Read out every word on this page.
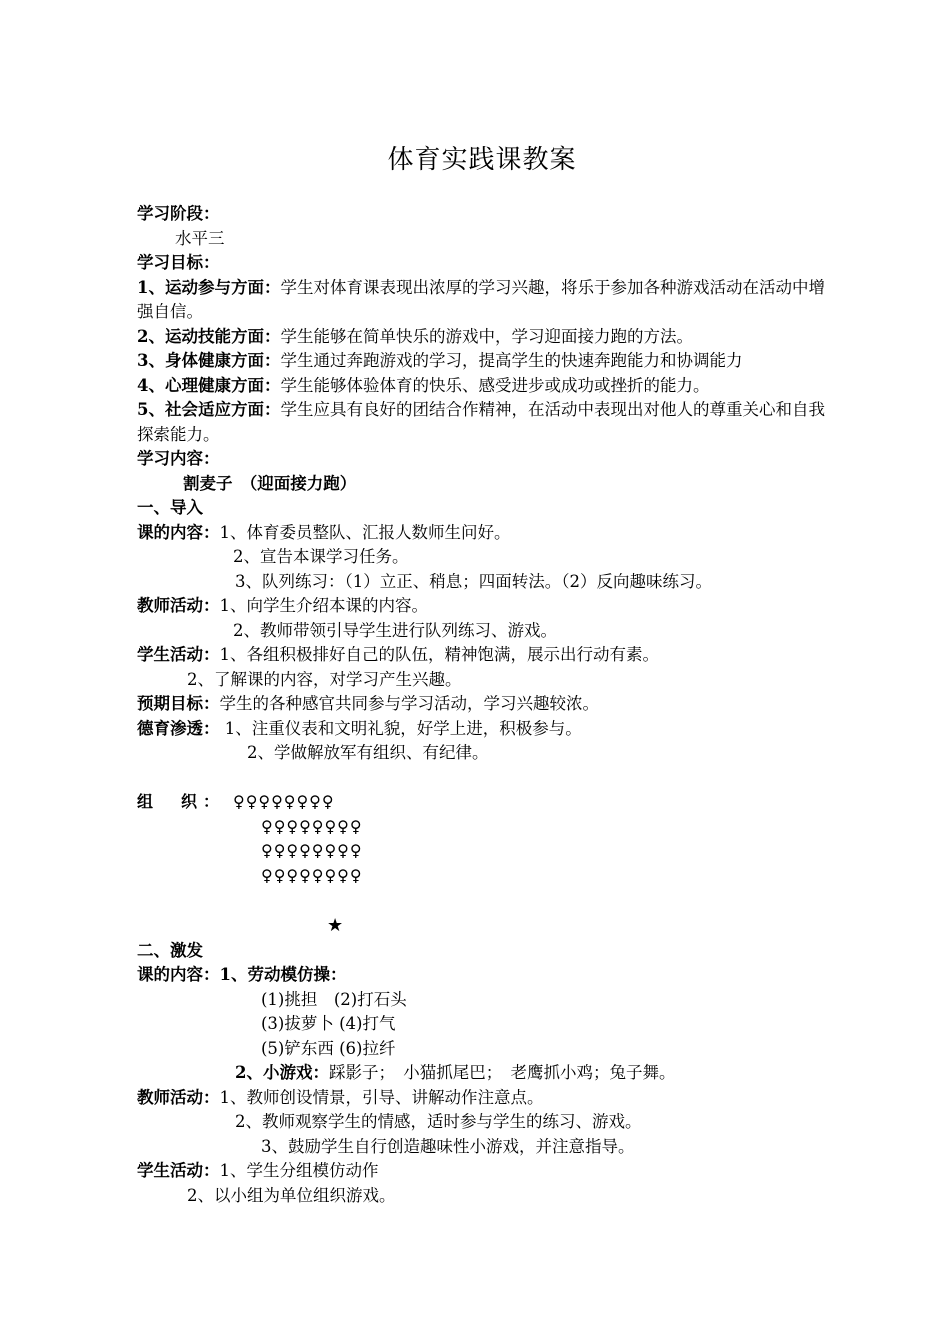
体育实践课教案
学习阶段：
水平三
学习目标：
1、运动参与方面：学生对体育课表现出浓厚的学习兴趣，将乐于参加各种游戏活动在活动中增强自信。
2、运动技能方面：学生能够在简单快乐的游戏中，学习迎面接力跑的方法。
3、身体健康方面：学生通过奔跑游戏的学习，提高学生的快速奔跑能力和协调能力
4、心理健康方面：学生能够体验体育的快乐、感受进步或成功或挫折的能力。
5、社会适应方面：学生应具有良好的团结合作精神，在活动中表现出对他人的尊重关心和自我探索能力。
学习内容：
割麦子　（迎面接力跑）
一、导入
课的内容：1、体育委员整队、汇报人数师生问好。
2、宣告本课学习任务。
3、队列练习：（1）立正、稍息；四面转法。（2）反向趣味练习。
教师活动：1、向学生介绍本课的内容。
2、教师带领引导学生进行队列练习、游戏。
学生活动：1、各组积极排好自己的队伍，精神饱满，展示出行动有素。
2、了解课的内容，对学习产生兴趣。
预期目标：学生的各种感官共同参与学习活动，学习兴趣较浓。
德育渗透： 1、注重仪表和文明礼貌，好学上进，积极参与。
2、学做解放军有组织、有纪律。
组　织： ♀♀♀♀♀♀♀♀
♀♀♀♀♀♀♀♀
♀♀♀♀♀♀♀♀
♀♀♀♀♀♀♀♀
★
二、激发
课的内容：1、劳动模仿操：
(1)挑担　(2)打石头
(3)拔萝卜 (4)打气
(5)铲东西 (6)拉纤
2、小游戏：踩影子；　小猫抓尾巴；　老鹰抓小鸡；兔子舞。
教师活动：1、教师创设情景，引导、讲解动作注意点。
2、教师观察学生的情感，适时参与学生的练习、游戏。
3、鼓励学生自行创造趣味性小游戏，并注意指导。
学生活动：1、学生分组模仿动作
2、以小组为单位组织游戏。
